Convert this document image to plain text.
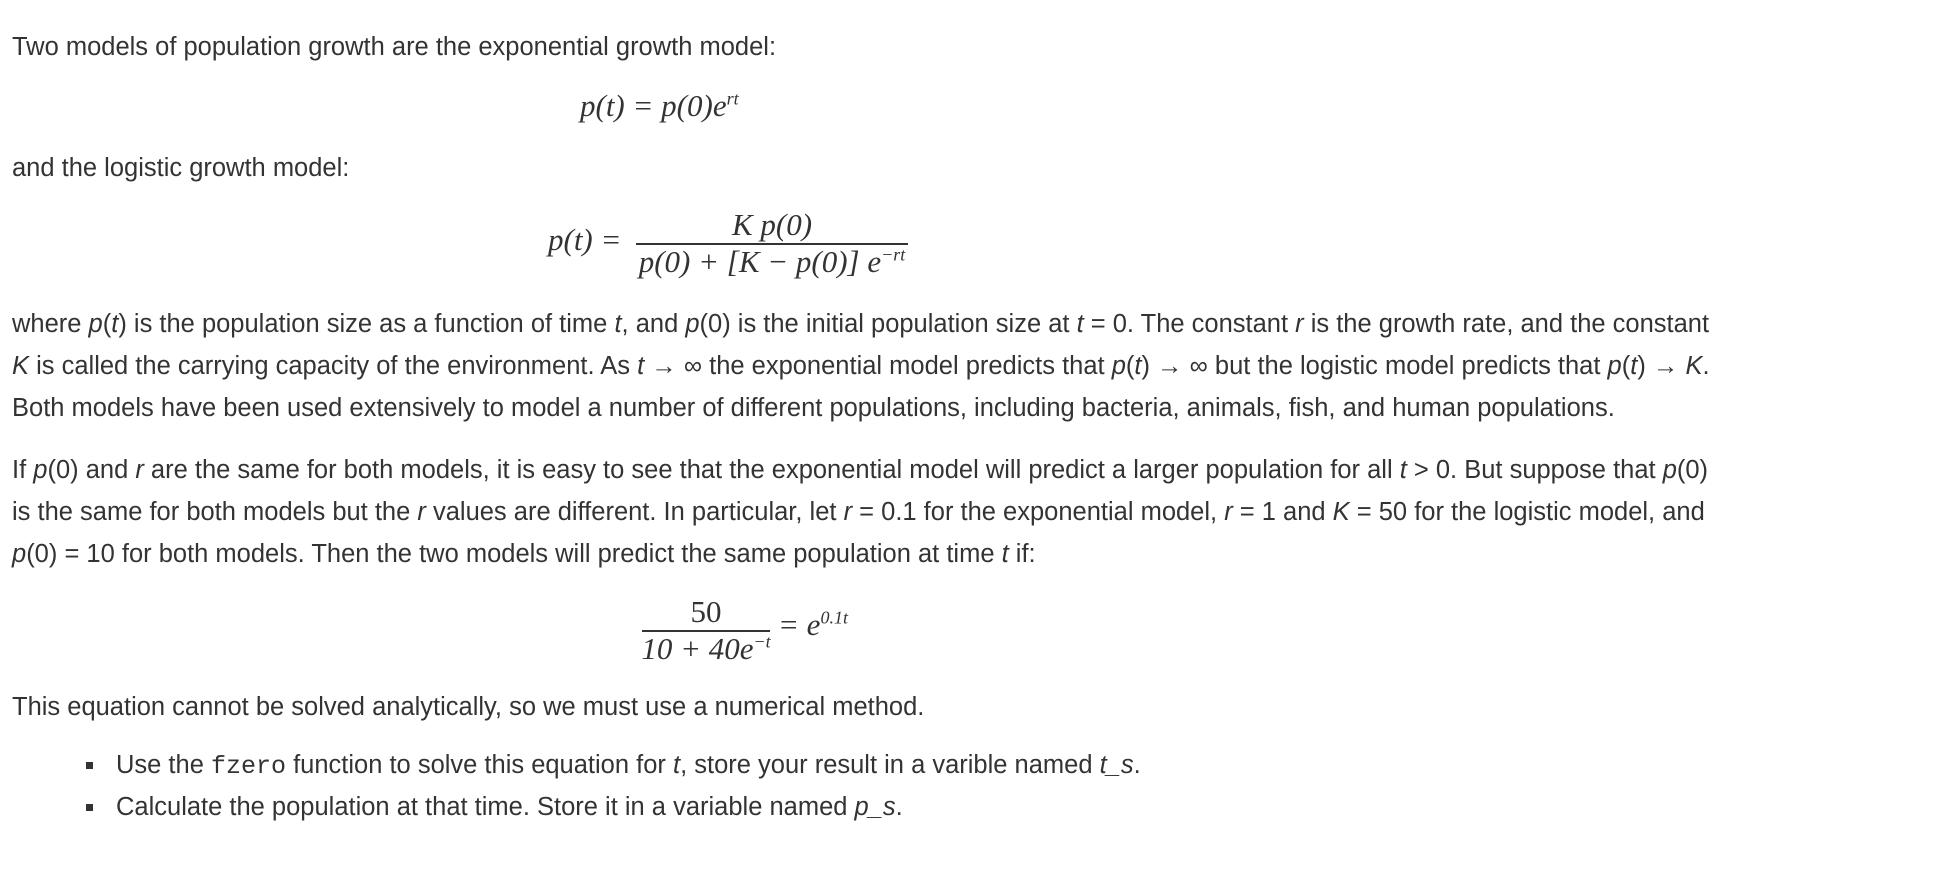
Two models of population growth are the exponential growth model:

$p(t) = p(0)e^{rt}$

and the logistic growth model:

p(t) =	K p(0)
p(0) + [K − p(0)] $e^{-rt}$

where p(t) is the population size as a function of time t, and p(0) is the initial population size at t = 0. The constant r is the growth rate, and the constant

K is called the carrying capacity of the environment. As t → ∞ the exponential model predicts that p(t) → ∞ but the logistic model predicts that p(t) → K.

Both models have been used extensively to model a number of different populations, including bacteria, animals, fish, and human populations.

If p(0) and r are the same for both models, it is easy to see that the exponential model will predict a larger population for all t > 0. But suppose that p(0)

is the same for both models but the r values are different. In particular, let r = 0.1 for the exponential model, r = 1 and K = 50 for the logistic model, and

p(0) = 10 for both models. Then the two models will predict the same population at time t if:

50
$10 + 40e^{-t} = e^{0.1t}$

This equation cannot be solved analytically, so we must use a numerical method.

Use the fzero function to solve this equation for t, store your result in a varible named t_s.
Calculate the population at that time. Store it in a variable named p_s.
